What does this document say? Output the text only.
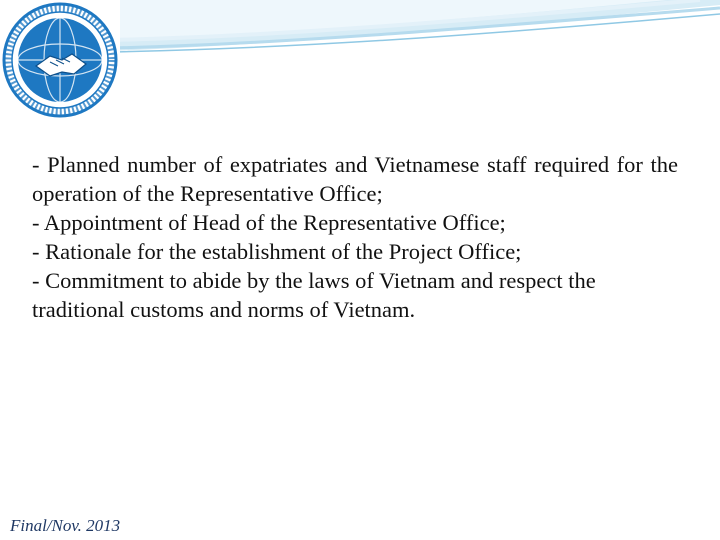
- Planned number of expatriates and Vietnamese staff required for the operation of the Representative Office;

- Appointment of Head of the Representative Office;

- Rationale for the establishment of the Project Office;

- Commitment to abide by the laws of Vietnam and respect the traditional customs and norms of Vietnam.

Final/Nov. 2013
